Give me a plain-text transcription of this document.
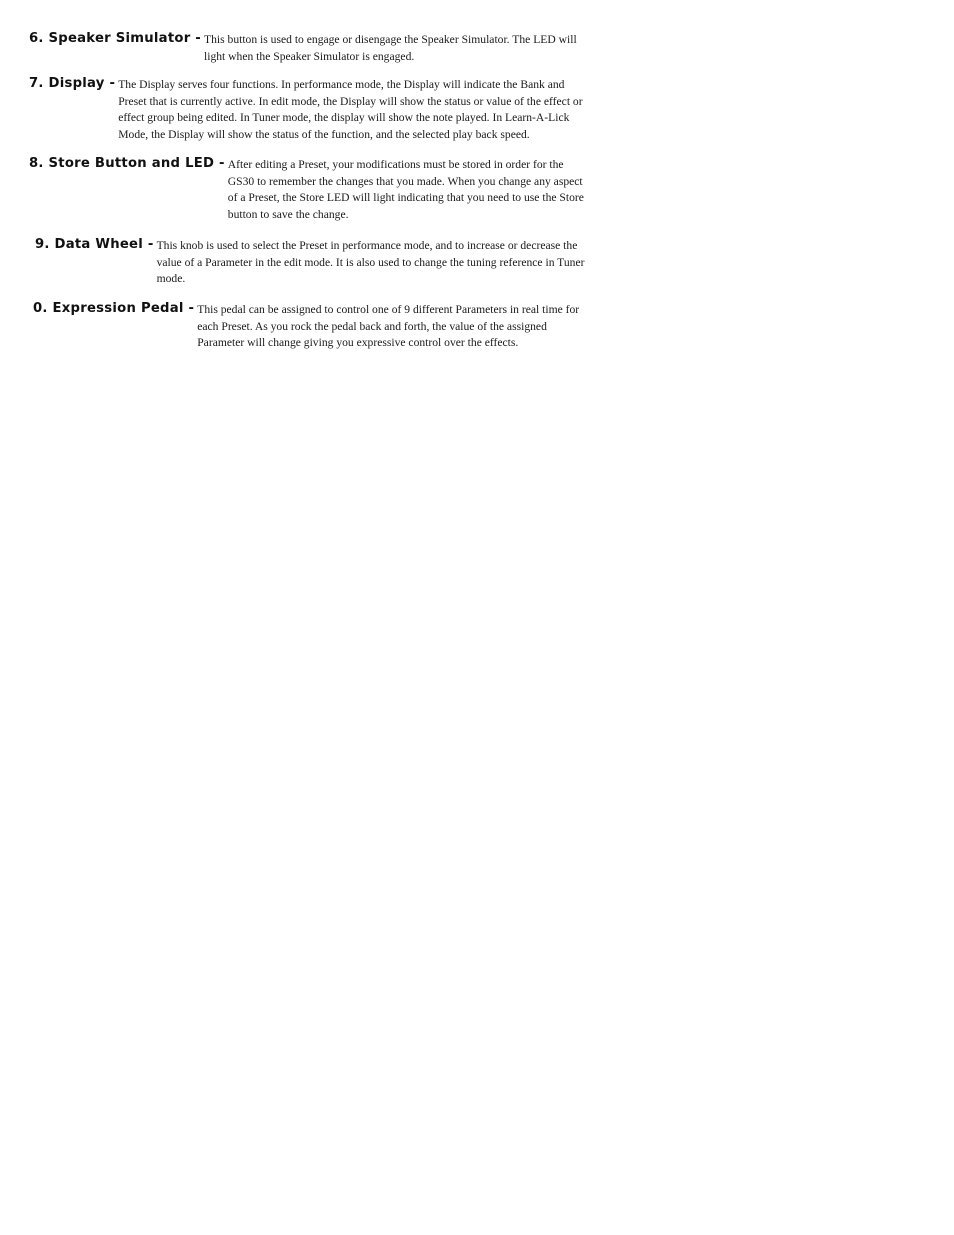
6. Speaker Simulator - This button is used to engage or disengage the Speaker Simulator. The LED will light when the Speaker Simulator is engaged.
7. Display - The Display serves four functions. In performance mode, the Display will indicate the Bank and Preset that is currently active. In edit mode, the Display will show the status or value of the effect or effect group being edited. In Tuner mode, the display will show the note played. In Learn-A-Lick Mode, the Display will show the status of the function, and the selected play back speed.
8. Store Button and LED - After editing a Preset, your modifications must be stored in order for the GS30 to remember the changes that you made. When you change any aspect of a Preset, the Store LED will light indicating that you need to use the Store button to save the change.
9. Data Wheel - This knob is used to select the Preset in performance mode, and to increase or decrease the value of a Parameter in the edit mode. It is also used to change the tuning reference in Tuner mode.
0. Expression Pedal - This pedal can be assigned to control one of 9 different Parameters in real time for each Preset. As you rock the pedal back and forth, the value of the assigned Parameter will change giving you expressive control over the effects.
